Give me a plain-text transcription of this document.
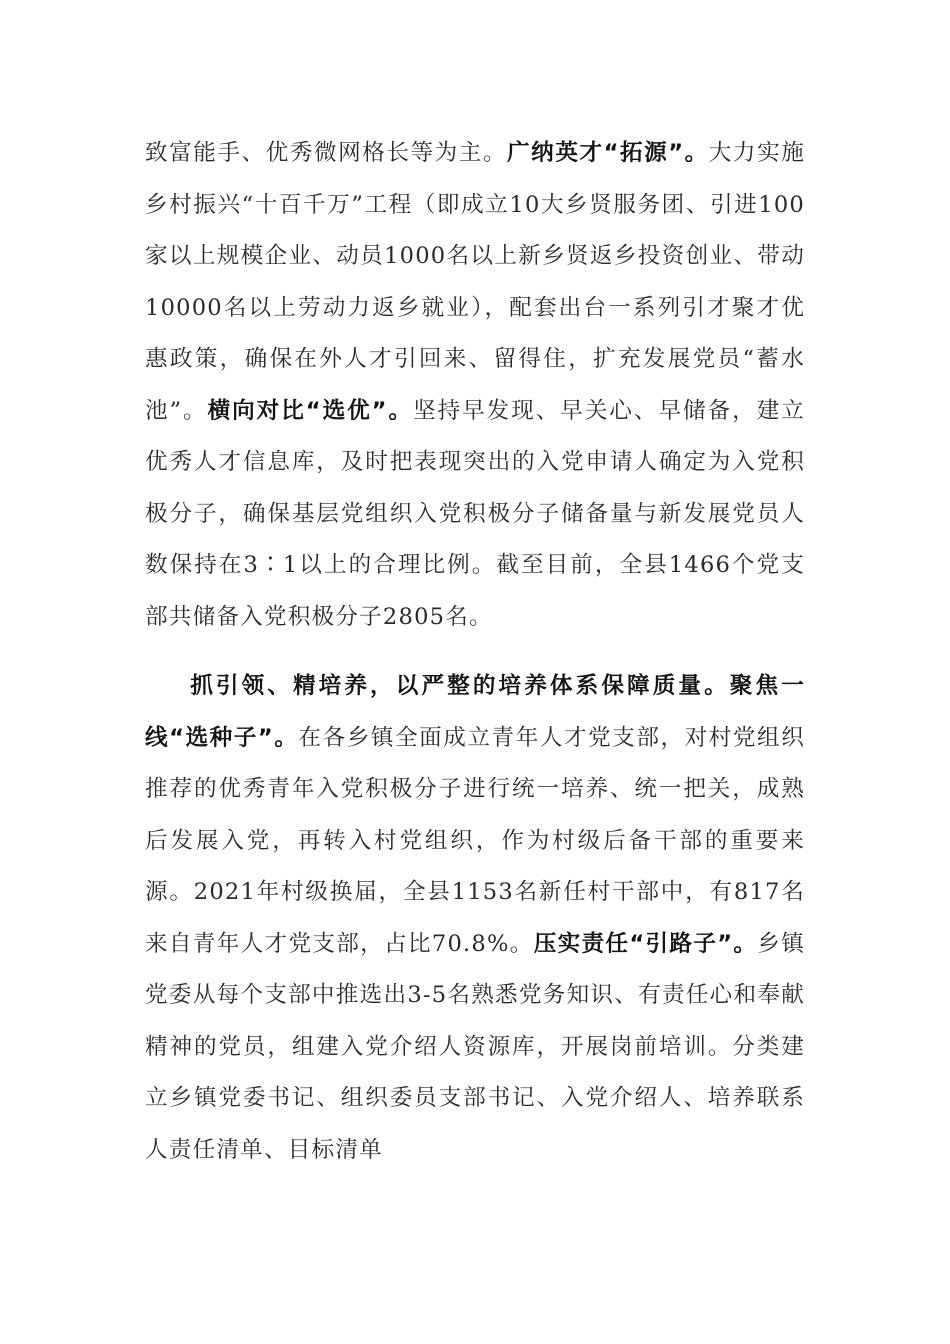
致富能手、优秀微网格长等为主。广纳英才“拓源”。大力实施乡村振兴“十百千万”工程（即成立10大乡贤服务团、引进100家以上规模企业、动员1000名以上新乡贤返乡投资创业、带动10000名以上劳动力返乡就业），配套出台一系列引才聚才优惠政策，确保在外人才引回来、留得住，扩充发展党员“蓄水池”。横向对比“选优”。坚持早发现、早关心、早储备，建立优秀人才信息库，及时把表现突出的入党申请人确定为入党积极分子，确保基层党组织入党积极分子储备量与新发展党员人数保持在3∶1以上的合理比例。截至目前，全县1466个党支部共储备入党积极分子2805名。

抓引领、精培养，以严整的培养体系保障质量。聚焦一线“选种子”。在各乡镇全面成立青年人才党支部，对村党组织推荐的优秀青年入党积极分子进行统一培养、统一把关，成熟后发展入党，再转入村党组织，作为村级后备干部的重要来源。2021年村级换届，全县1153名新任村干部中，有817名来自青年人才党支部，占比70.8%。压实责任“引路子”。乡镇党委从每个支部中推选出3-5名熟悉党务知识、有责任心和奉献精神的党员，组建入党介绍人资源库，开展岗前培训。分类建立乡镇党委书记、组织委员支部书记、入党介绍人、培养联系人责任清单、目标清单
